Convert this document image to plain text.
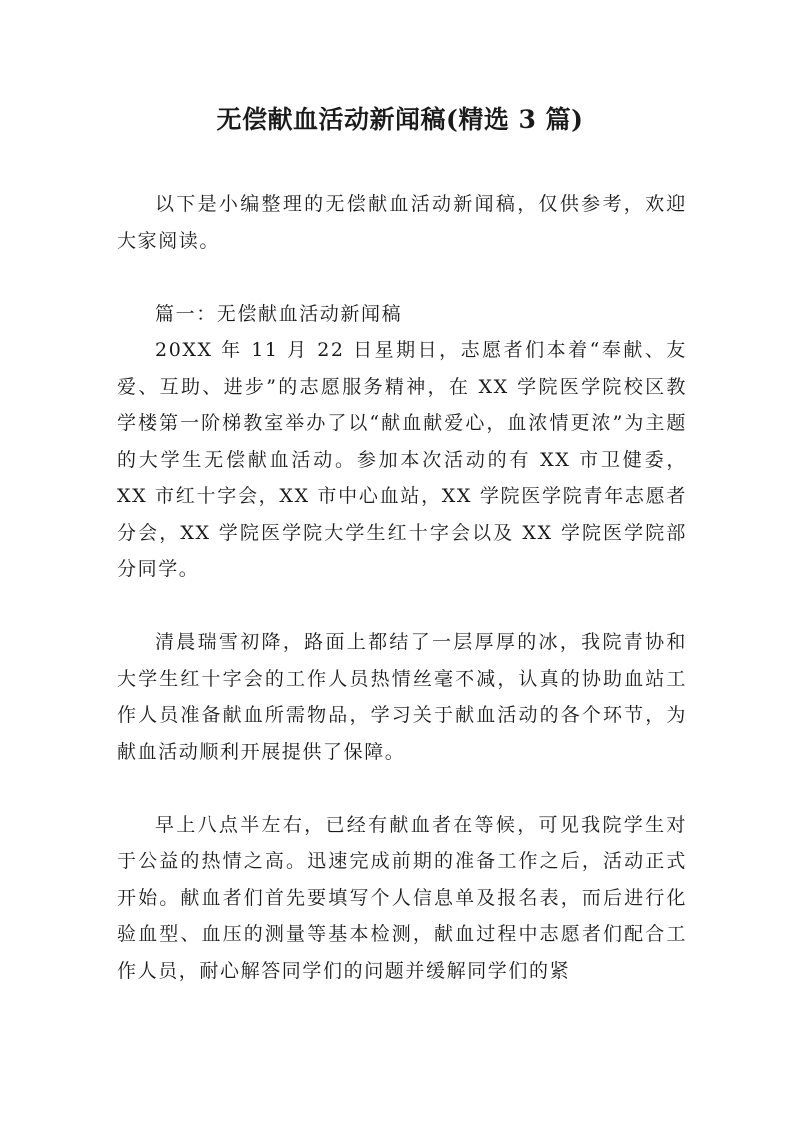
无偿献血活动新闻稿(精选 3 篇)

以下是小编整理的无偿献血活动新闻稿，仅供参考，欢迎大家阅读。

篇一：无偿献血活动新闻稿

20XX 年 11 月 22 日星期日，志愿者们本着“奉献、友爱、互助、进步”的志愿服务精神，在 XX 学院医学院校区教学楼第一阶梯教室举办了以“献血献爱心，血浓情更浓”为主题的大学生无偿献血活动。参加本次活动的有 XX 市卫健委，XX 市红十字会，XX 市中心血站，XX 学院医学院青年志愿者分会，XX 学院医学院大学生红十字会以及 XX 学院医学院部分同学。

清晨瑞雪初降，路面上都结了一层厚厚的冰，我院青协和大学生红十字会的工作人员热情丝毫不减，认真的协助血站工作人员准备献血所需物品，学习关于献血活动的各个环节，为献血活动顺利开展提供了保障。

早上八点半左右，已经有献血者在等候，可见我院学生对于公益的热情之高。迅速完成前期的准备工作之后，活动正式开始。献血者们首先要填写个人信息单及报名表，而后进行化验血型、血压的测量等基本检测，献血过程中志愿者们配合工作人员，耐心解答同学们的问题并缓解同学们的紧
